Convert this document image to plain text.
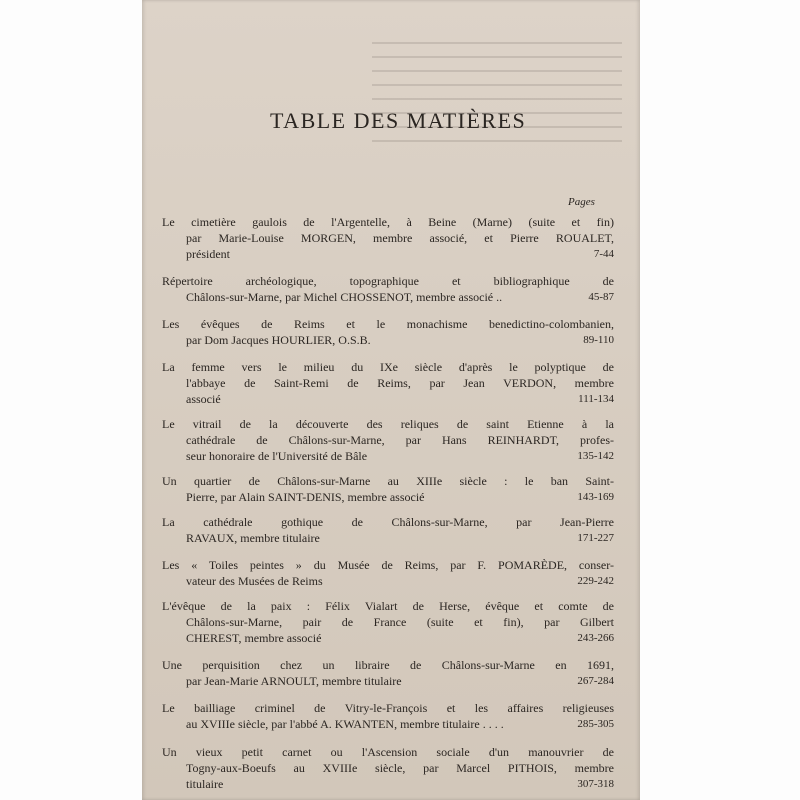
TABLE DES MATIÈRES
Pages
Le cimetière gaulois de l'Argentelle, à Beine (Marne) (suite et fin)
par Marie-Louise MORGEN, membre associé, et Pierre ROUALET,
président	7-44
Répertoire archéologique, topographique et bibliographique de
Châlons-sur-Marne, par Michel CHOSSENOT, membre associé ..	45-87
Les évêques de Reims et le monachisme benedictino-colombanien,
par Dom Jacques HOURLIER, O.S.B.	89-110
La femme vers le milieu du IXe siècle d'après le polyptique de
l'abbaye de Saint-Remi de Reims, par Jean VERDON, membre
associé	111-134
Le vitrail de la découverte des reliques de saint Etienne à la
cathédrale de Châlons-sur-Marne, par Hans REINHARDT, profes-
seur honoraire de l'Université de Bâle	135-142
Un quartier de Châlons-sur-Marne au XIIIe siècle : le ban Saint-
Pierre, par Alain SAINT-DENIS, membre associé	143-169
La cathédrale gothique de Châlons-sur-Marne, par Jean-Pierre
RAVAUX, membre titulaire	171-227
Les « Toiles peintes » du Musée de Reims, par F. POMARÈDE, conser-
vateur des Musées de Reims	229-242
L'évêque de la paix : Félix Vialart de Herse, évêque et comte de
Châlons-sur-Marne, pair de France (suite et fin), par Gilbert
CHEREST, membre associé	243-266
Une perquisition chez un libraire de Châlons-sur-Marne en 1691,
par Jean-Marie ARNOULT, membre titulaire	267-284
Le bailliage criminel de Vitry-le-François et les affaires religieuses
au XVIIIe siècle, par l'abbé A. KWANTEN, membre titulaire . . . .	285-305
Un vieux petit carnet ou l'Ascension sociale d'un manouvrier de
Togny-aux-Boeufs au XVIIIe siècle, par Marcel PITHOIS, membre
titulaire	307-318
